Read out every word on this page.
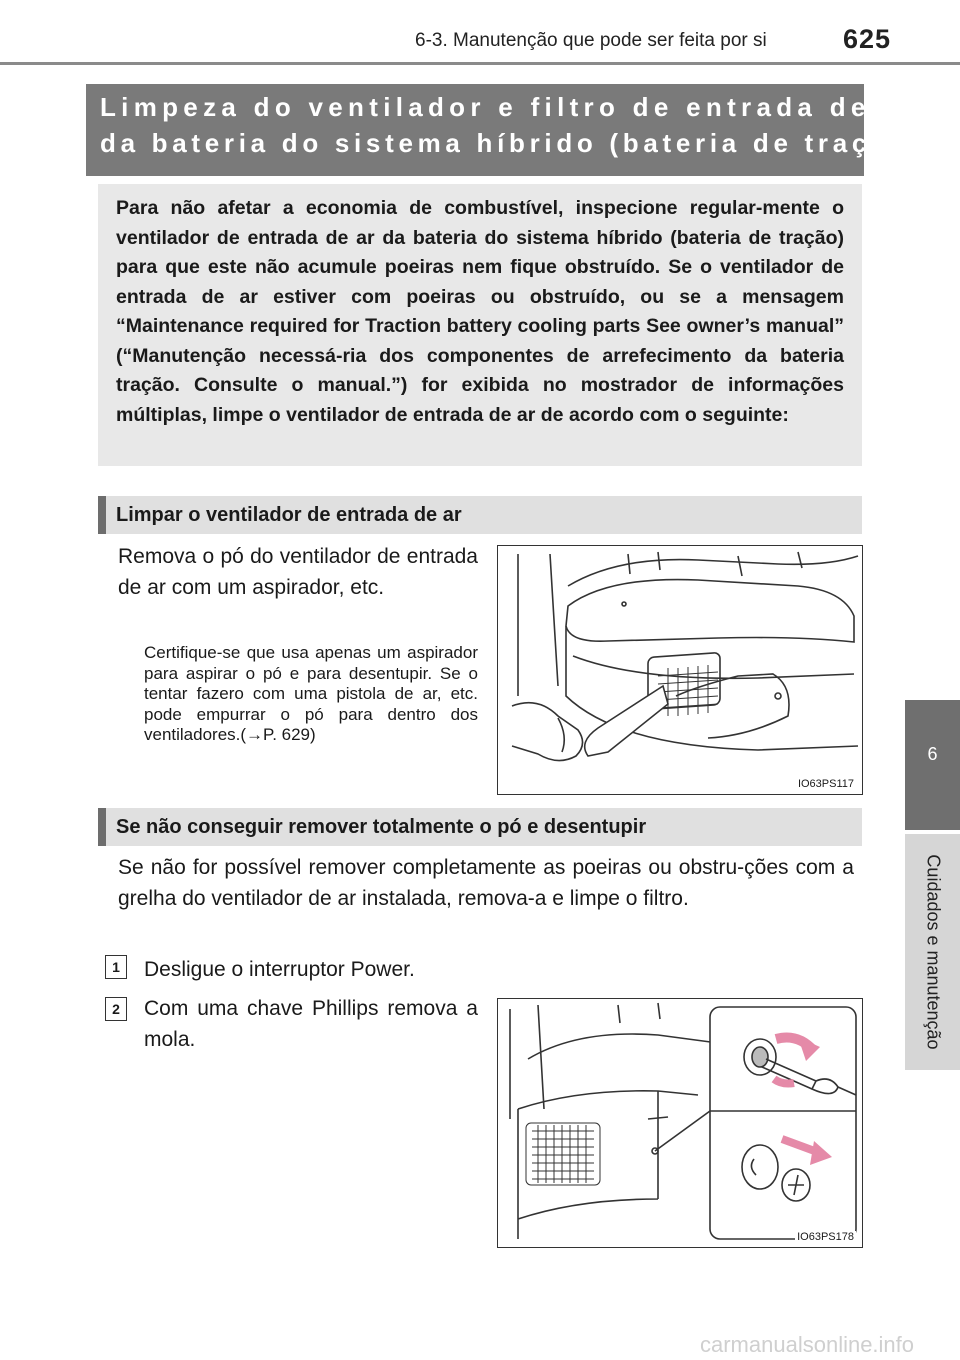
6-3. Manutenção que pode ser feita por si	625
6
Cuidados e manutenção
Limpeza do ventilador e filtro de entrada de ar
da bateria do sistema híbrido (bateria de tração)

Para não afetar a economia de combustível, inspecione regular-mente o ventilador de entrada de ar da bateria do sistema híbrido (bateria de tração) para que este não acumule poeiras nem fique obstruído. Se o ventilador de entrada de ar estiver com poeiras ou obstruído, ou se a mensagem “Maintenance required for Traction battery cooling parts See owner’s manual” (“Manutenção necessá-ria dos componentes de arrefecimento da bateria tração. Consulte o manual.”) for exibida no mostrador de informações múltiplas, limpe o ventilador de entrada de ar de acordo com o seguinte:

Limpar o ventilador de entrada de ar
Remova o pó do ventilador de entrada de ar com um aspirador, etc.
Certifique-se que usa apenas um aspirador para aspirar o pó e para desentupir. Se o tentar fazero com uma pistola de ar, etc. pode empurrar o pó para dentro dos ventiladores.(→P. 629)
IO63PS117
Se não conseguir remover totalmente o pó e desentupir
Se não for possível remover completamente as poeiras ou obstru-ções com a grelha do ventilador de ar instalada, remova-a e limpe o filtro.
1	Desligue o interruptor Power.
2	Com uma chave Phillips remova a mola.
IO63PS178
carmanualsonline.info
